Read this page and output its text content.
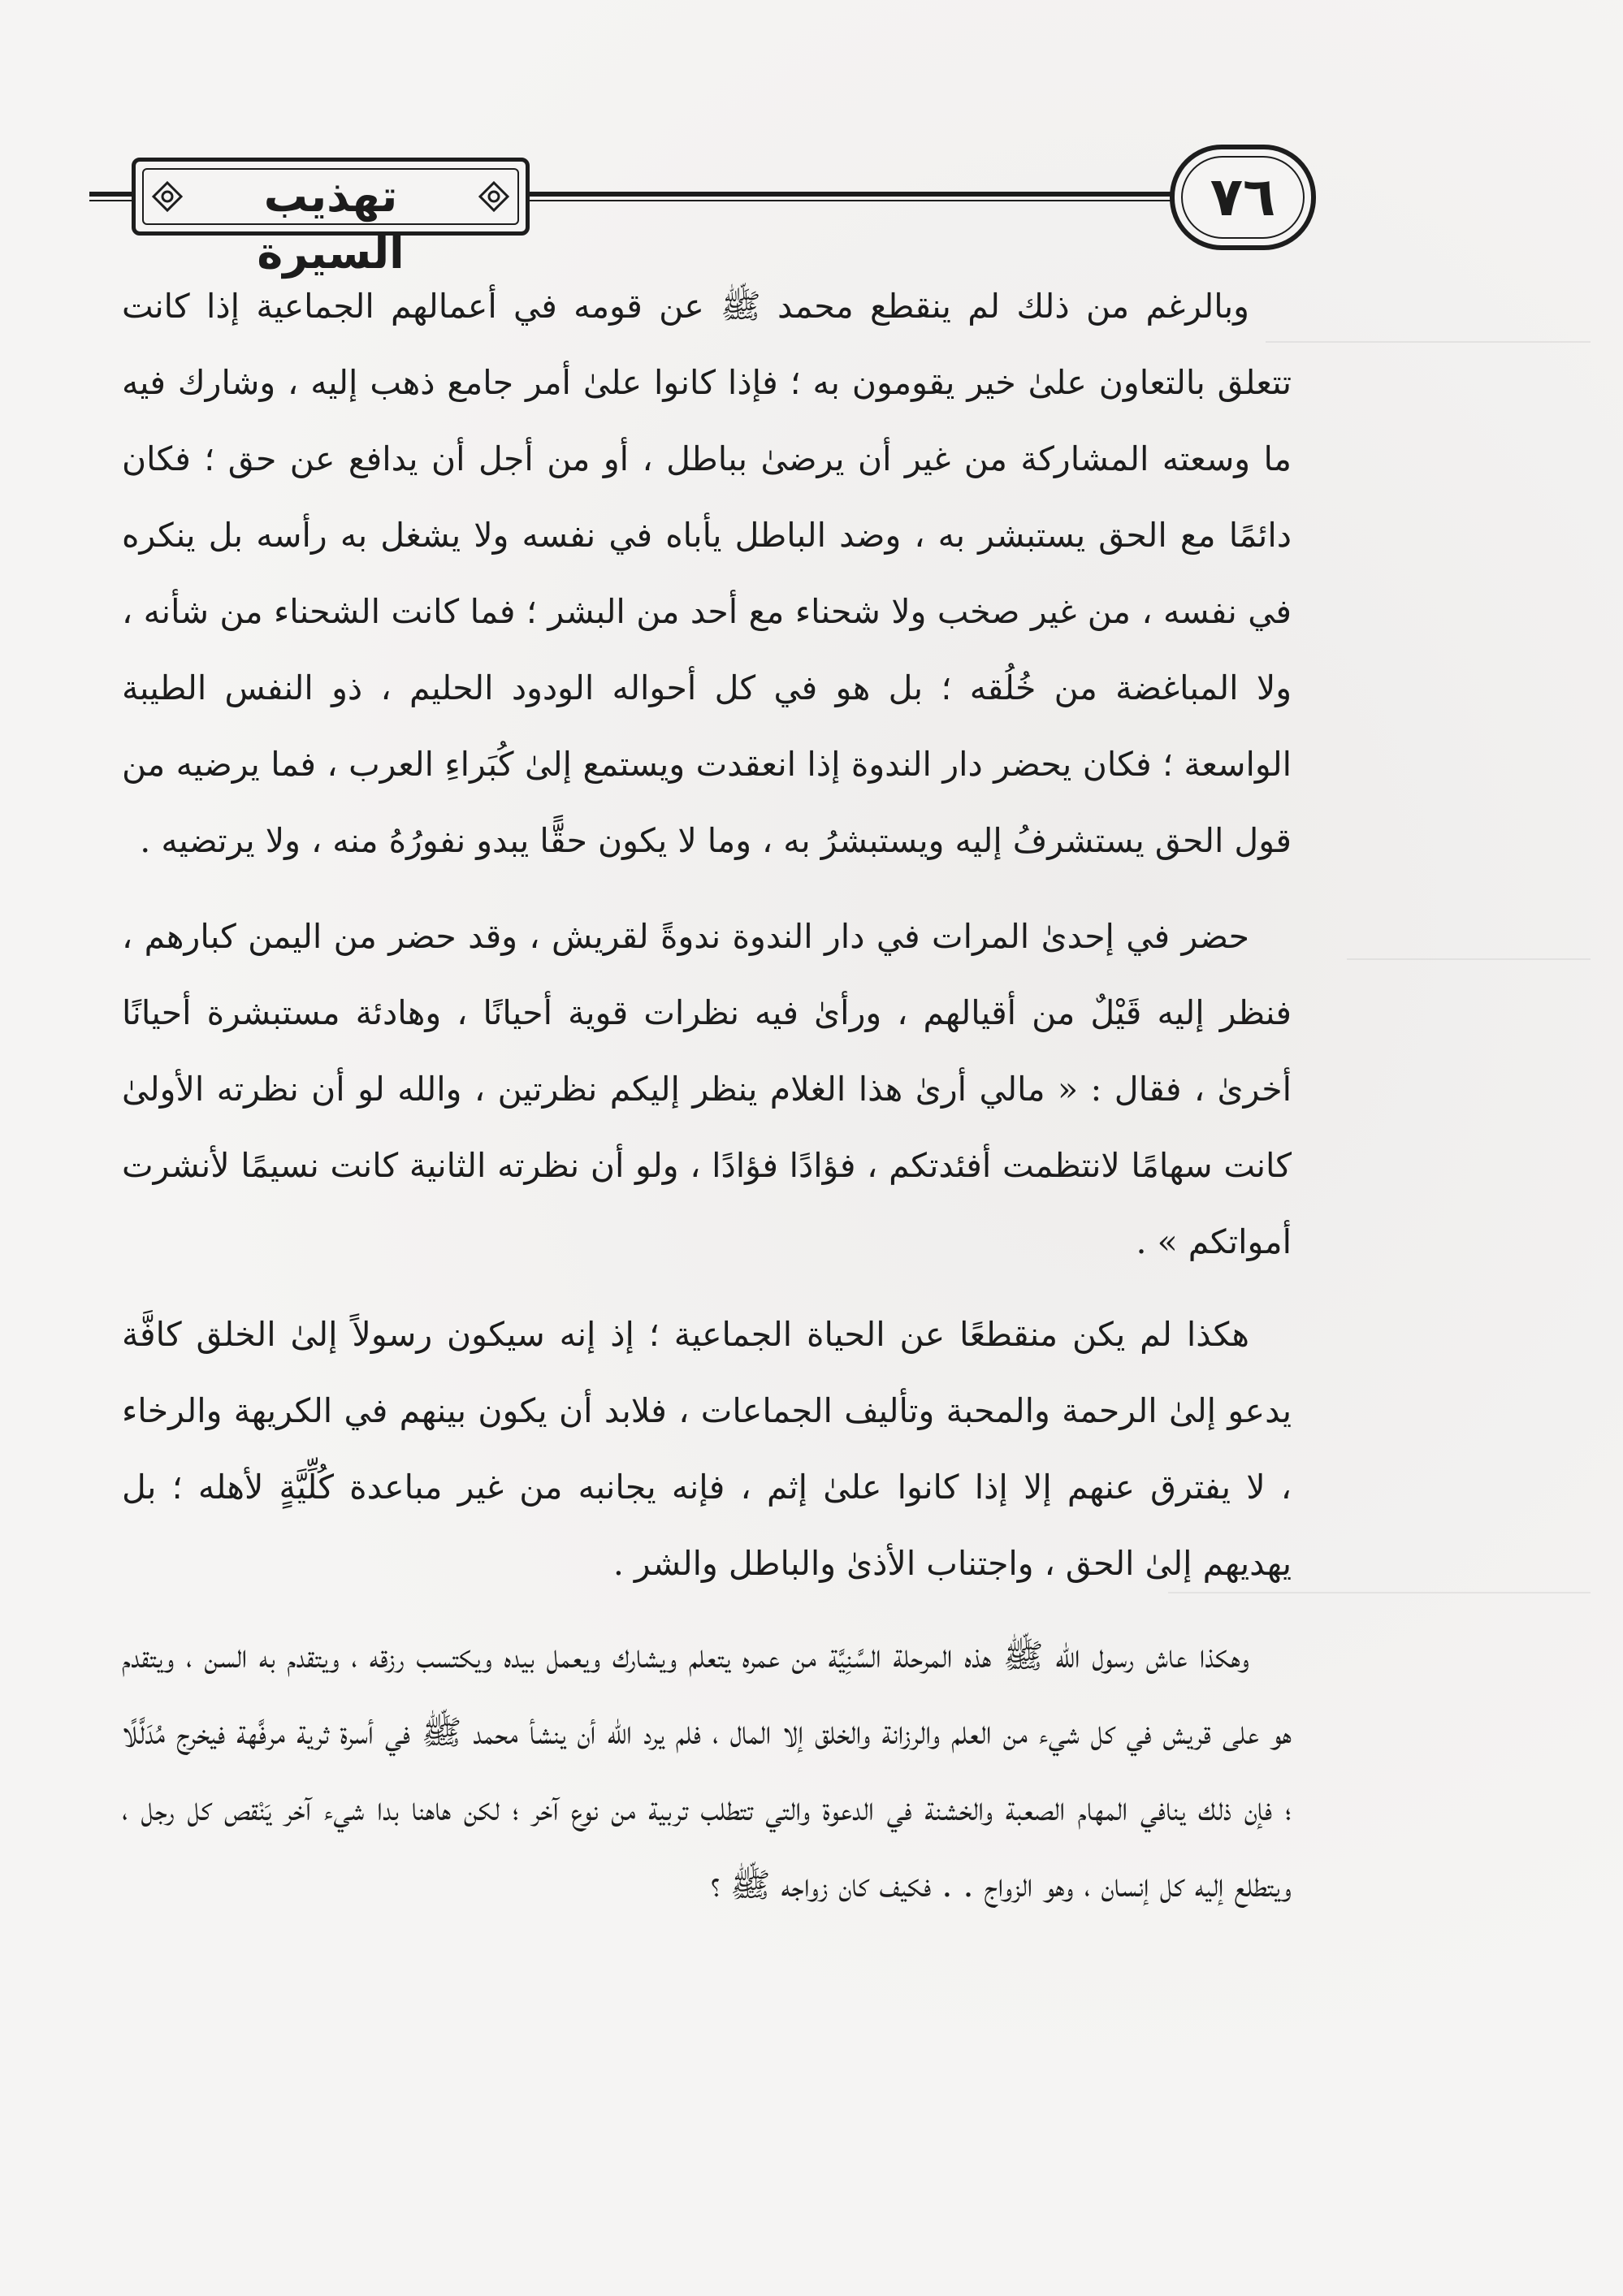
تهذيب السيرة
٧٦

وبالرغم من ذلك لم ينقطع محمد ﷺ عن قومه في أعمالهم الجماعية إذا كانت تتعلق بالتعاون علىٰ خير يقومون به ؛ فإذا كانوا علىٰ أمر جامع ذهب إليه ، وشارك فيه ما وسعته المشاركة من غير أن يرضىٰ بباطل ، أو من أجل أن يدافع عن حق ؛ فكان دائمًا مع الحق يستبشر به ، وضد الباطل يأباه في نفسه ولا يشغل به رأسه بل ينكره في نفسه ، من غير صخب ولا شحناء مع أحد من البشر ؛ فما كانت الشحناء من شأنه ، ولا المباغضة من خُلُقه ؛ بل هو في كل أحواله الودود الحليم ، ذو النفس الطيبة الواسعة ؛ فكان يحضر دار الندوة إذا انعقدت ويستمع إلىٰ كُبَراءِ العرب ، فما يرضيه من قول الحق يستشرفُ إليه ويستبشرُ به ، وما لا يكون حقًّا يبدو نفورُهُ منه ، ولا يرتضيه .

حضر في إحدىٰ المرات في دار الندوة ندوةً لقريش ، وقد حضر من اليمن كبارهم ، فنظر إليه قَيْلٌ من أقيالهم ، ورأىٰ فيه نظرات قوية أحيانًا ، وهادئة مستبشرة أحيانًا أخرىٰ ، فقال : « مالي أرىٰ هذا الغلام ينظر إليكم نظرتين ، والله لو أن نظرته الأولىٰ كانت سهامًا لانتظمت أفئدتكم ، فؤادًا فؤادًا ، ولو أن نظرته الثانية كانت نسيمًا لأنشرت أمواتكم » .

هكذا لم يكن منقطعًا عن الحياة الجماعية ؛ إذ إنه سيكون رسولاً إلىٰ الخلق كافَّة يدعو إلىٰ الرحمة والمحبة وتأليف الجماعات ، فلابد أن يكون بينهم في الكريهة والرخاء ، لا يفترق عنهم إلا إذا كانوا علىٰ إثم ، فإنه يجانبه من غير مباعدة كُلِّيَّةٍ لأهله ؛ بل يهديهم إلىٰ الحق ، واجتناب الأذىٰ والباطل والشر .

وهكذا عاش رسول الله ﷺ هذه المرحلة السَّنِيَّة من عمره يتعلم ويشارك ويعمل بيده ويكتسب رزقه ، ويتقدم به السن ، ويتقدم هو على قريش في كل شيء من العلم والرزانة والخلق إلا المال ، فلم يرد الله أن ينشأ محمد ﷺ في أسرة ثرية مرفَّهة فيخرج مُدَلَّلًا ؛ فإن ذلك ينافي المهام الصعبة والخشنة في الدعوة والتي تتطلب تربية من نوع آخر ؛ لكن هاهنا بدا شيء آخر يَنْقص كل رجل ، ويتطلع إليه كل إنسان ، وهو الزواج . . فكيف كان زواجه ﷺ ؟
